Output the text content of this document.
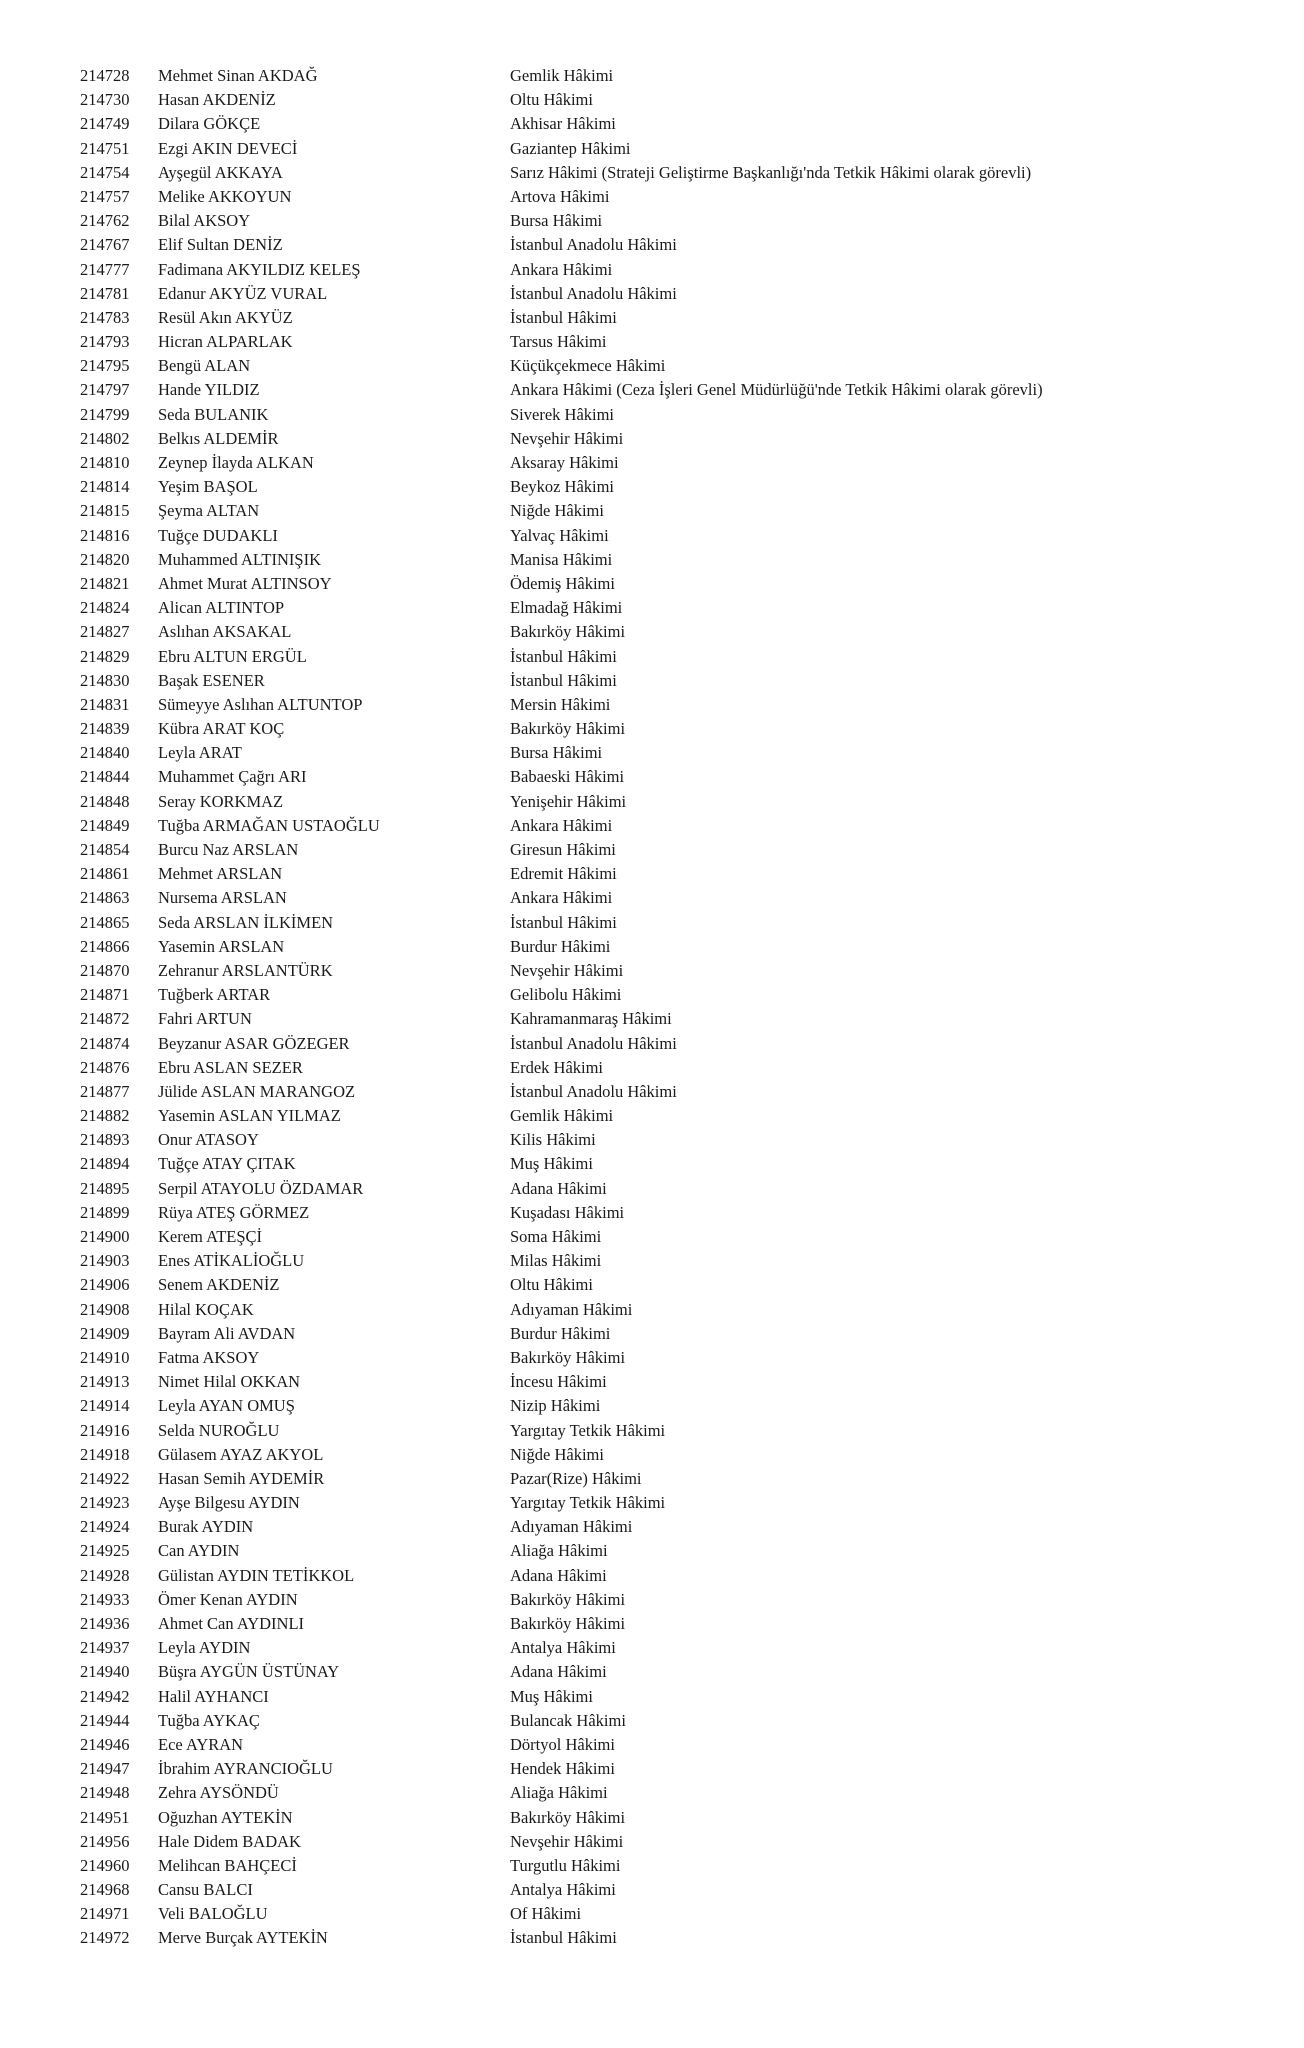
214728	Mehmet Sinan AKDAĞ	Gemlik Hâkimi
214730	Hasan AKDENİZ	Oltu Hâkimi
214749	Dilara GÖKÇE	Akhisar Hâkimi
214751	Ezgi AKIN DEVECİ	Gaziantep Hâkimi
214754	Ayşegül AKKAYA	Sarız Hâkimi (Strateji Geliştirme Başkanlığı'nda Tetkik Hâkimi olarak görevli)
214757	Melike AKKOYUN	Artova Hâkimi
214762	Bilal AKSOY	Bursa Hâkimi
214767	Elif Sultan DENİZ	İstanbul Anadolu Hâkimi
214777	Fadimana AKYILDIZ KELEŞ	Ankara Hâkimi
214781	Edanur AKYÜZ VURAL	İstanbul Anadolu Hâkimi
214783	Resül Akın AKYÜZ	İstanbul Hâkimi
214793	Hicran ALPARLAK	Tarsus Hâkimi
214795	Bengü ALAN	Küçükçekmece Hâkimi
214797	Hande YILDIZ	Ankara Hâkimi (Ceza İşleri Genel Müdürlüğü'nde Tetkik Hâkimi olarak görevli)
214799	Seda BULANIK	Siverek Hâkimi
214802	Belkıs ALDEMİR	Nevşehir Hâkimi
214810	Zeynep İlayda ALKAN	Aksaray Hâkimi
214814	Yeşim BAŞOL	Beykoz Hâkimi
214815	Şeyma ALTAN	Niğde Hâkimi
214816	Tuğçe DUDAKLI	Yalvaç Hâkimi
214820	Muhammed ALTINIŞIK	Manisa Hâkimi
214821	Ahmet Murat ALTINSOY	Ödemiş Hâkimi
214824	Alican ALTINTOP	Elmadağ Hâkimi
214827	Aslıhan AKSAKAL	Bakırköy Hâkimi
214829	Ebru ALTUN ERGÜL	İstanbul Hâkimi
214830	Başak ESENER	İstanbul Hâkimi
214831	Sümeyye Aslıhan ALTUNTOP	Mersin Hâkimi
214839	Kübra ARAT KOÇ	Bakırköy Hâkimi
214840	Leyla ARAT	Bursa Hâkimi
214844	Muhammet Çağrı ARI	Babaeski Hâkimi
214848	Seray KORKMAZ	Yenişehir Hâkimi
214849	Tuğba ARMAĞAN USTAOĞLU	Ankara Hâkimi
214854	Burcu Naz ARSLAN	Giresun Hâkimi
214861	Mehmet ARSLAN	Edremit Hâkimi
214863	Nursema ARSLAN	Ankara Hâkimi
214865	Seda ARSLAN İLKİMEN	İstanbul Hâkimi
214866	Yasemin ARSLAN	Burdur Hâkimi
214870	Zehranur ARSLANTÜRK	Nevşehir Hâkimi
214871	Tuğberk ARTAR	Gelibolu Hâkimi
214872	Fahri ARTUN	Kahramanmaraş Hâkimi
214874	Beyzanur ASAR GÖZEGER	İstanbul Anadolu Hâkimi
214876	Ebru ASLAN SEZER	Erdek Hâkimi
214877	Jülide ASLAN MARANGOZ	İstanbul Anadolu Hâkimi
214882	Yasemin ASLAN YILMAZ	Gemlik Hâkimi
214893	Onur ATASOY	Kilis Hâkimi
214894	Tuğçe ATAY ÇITAK	Muş Hâkimi
214895	Serpil ATAYOLU ÖZDAMAR	Adana Hâkimi
214899	Rüya ATEŞ GÖRMEZ	Kuşadası Hâkimi
214900	Kerem ATEŞÇİ	Soma Hâkimi
214903	Enes ATİKALİOĞLU	Milas Hâkimi
214906	Senem AKDENİZ	Oltu Hâkimi
214908	Hilal KOÇAK	Adıyaman Hâkimi
214909	Bayram Ali AVDAN	Burdur Hâkimi
214910	Fatma AKSOY	Bakırköy Hâkimi
214913	Nimet Hilal OKKAN	İncesu Hâkimi
214914	Leyla AYAN OMUŞ	Nizip Hâkimi
214916	Selda NUROĞLU	Yargıtay Tetkik Hâkimi
214918	Gülasem AYAZ AKYOL	Niğde Hâkimi
214922	Hasan Semih AYDEMİR	Pazar(Rize) Hâkimi
214923	Ayşe Bilgesu AYDIN	Yargıtay Tetkik Hâkimi
214924	Burak AYDIN	Adıyaman Hâkimi
214925	Can AYDIN	Aliağa Hâkimi
214928	Gülistan AYDIN TETİKKOL	Adana Hâkimi
214933	Ömer Kenan AYDIN	Bakırköy Hâkimi
214936	Ahmet Can AYDINLI	Bakırköy Hâkimi
214937	Leyla AYDIN	Antalya Hâkimi
214940	Büşra AYGÜN ÜSTÜNAY	Adana Hâkimi
214942	Halil AYHANCI	Muş Hâkimi
214944	Tuğba AYKAÇ	Bulancak Hâkimi
214946	Ece AYRAN	Dörtyol Hâkimi
214947	İbrahim AYRANCIOĞLU	Hendek Hâkimi
214948	Zehra AYSÖNDÜ	Aliağa Hâkimi
214951	Oğuzhan AYTEKİN	Bakırköy Hâkimi
214956	Hale Didem BADAK	Nevşehir Hâkimi
214960	Melihcan BAHÇECİ	Turgutlu Hâkimi
214968	Cansu BALCI	Antalya Hâkimi
214971	Veli BALOĞLU	Of Hâkimi
214972	Merve Burçak AYTEKİN	İstanbul Hâkimi
